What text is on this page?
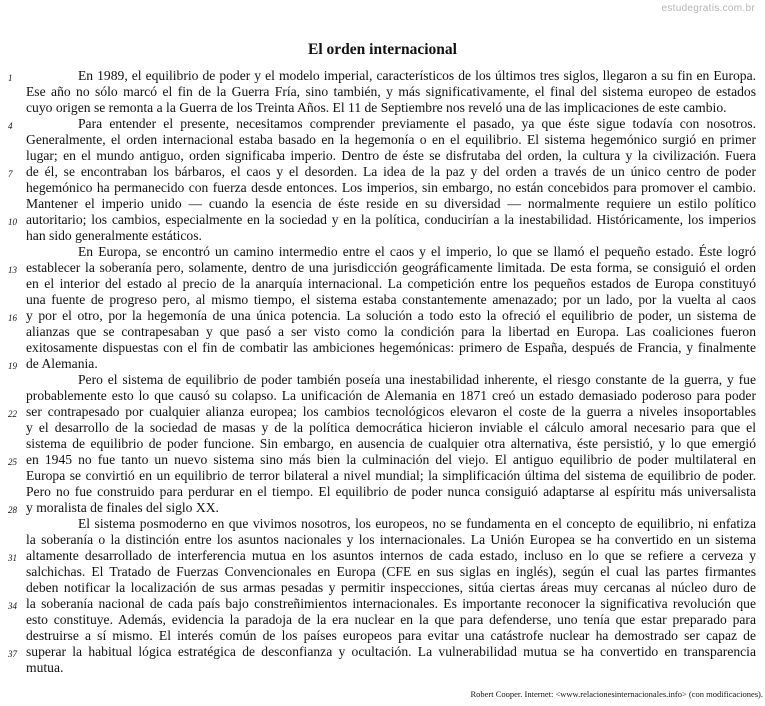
estudegratis.com.br
El orden internacional
1
4
7
10
13
16
19
22
25
28
31
34
37
En 1989, el equilibrio de poder y el modelo imperial, característicos de los últimos tres siglos, llegaron a su fin en Europa.
Ese año no sólo marcó el fin de la Guerra Fría, sino también, y más significativamente, el final del sistema europeo de estados
cuyo origen se remonta a la Guerra de los Treinta Años. El 11 de Septiembre nos reveló una de las implicaciones de este cambio.
Para entender el presente, necesitamos comprender previamente el pasado, ya que éste sigue todavía con nosotros.
Generalmente, el orden internacional estaba basado en la hegemonía o en el equilibrio. El sistema hegemónico surgió en primer
lugar; en el mundo antiguo, orden significaba imperio. Dentro de éste se disfrutaba del orden, la cultura y la civilización. Fuera
de él, se encontraban los bárbaros, el caos y el desorden. La idea de la paz y del orden a través de un único centro de poder
hegemónico ha permanecido con fuerza desde entonces. Los imperios, sin embargo, no están concebidos para promover el cambio.
Mantener el imperio unido — cuando la esencia de éste reside en su diversidad — normalmente requiere un estilo político
autoritario; los cambios, especialmente en la sociedad y en la política, conducirían a la inestabilidad. Históricamente, los imperios
han sido generalmente estáticos.
En Europa, se encontró un camino intermedio entre el caos y el imperio, lo que se llamó el pequeño estado. Éste logró
establecer la soberanía pero, solamente, dentro de una jurisdicción geográficamente limitada. De esta forma, se consiguió el orden
en el interior del estado al precio de la anarquía internacional. La competición entre los pequeños estados de Europa constituyó
una fuente de progreso pero, al mismo tiempo, el sistema estaba constantemente amenazado; por un lado, por la vuelta al caos
y por el otro, por la hegemonía de una única potencia. La solución a todo esto la ofreció el equilibrio de poder, un sistema de
alianzas que se contrapesaban y que pasó a ser visto como la condición para la libertad en Europa. Las coaliciones fueron
exitosamente dispuestas con el fin de combatir las ambiciones hegemónicas: primero de España, después de Francia, y finalmente
de Alemania.
Pero el sistema de equilibrio de poder también poseía una inestabilidad inherente, el riesgo constante de la guerra, y fue
probablemente esto lo que causó su colapso. La unificación de Alemania en 1871 creó un estado demasiado poderoso para poder
ser contrapesado por cualquier alianza europea; los cambios tecnológicos elevaron el coste de la guerra a niveles insoportables
y el desarrollo de la sociedad de masas y de la política democrática hicieron inviable el cálculo amoral necesario para que el
sistema de equilibrio de poder funcione. Sin embargo, en ausencia de cualquier otra alternativa, éste persistió, y lo que emergió
en 1945 no fue tanto un nuevo sistema sino más bien la culminación del viejo. El antiguo equilibrio de poder multilateral en
Europa se convirtió en un equilibrio de terror bilateral a nivel mundial; la simplificación última del sistema de equilibrio de poder.
Pero no fue construido para perdurar en el tiempo. El equilibrio de poder nunca consiguió adaptarse al espíritu más universalista
y moralista de finales del siglo XX.
El sistema posmoderno en que vivimos nosotros, los europeos, no se fundamenta en el concepto de equilibrio, ni enfatiza
la soberanía o la distinción entre los asuntos nacionales y los internacionales. La Unión Europea se ha convertido en un sistema
altamente desarrollado de interferencia mutua en los asuntos internos de cada estado, incluso en lo que se refiere a cerveza y
salchichas. El Tratado de Fuerzas Convencionales en Europa (CFE en sus siglas en inglés), según el cual las partes firmantes
deben notificar la localización de sus armas pesadas y permitir inspecciones, sitúa ciertas áreas muy cercanas al núcleo duro de
la soberanía nacional de cada país bajo constreñimientos internacionales. Es importante reconocer la significativa revolución que
esto constituye. Además, evidencia la paradoja de la era nuclear en la que para defenderse, uno tenía que estar preparado para
destruirse a sí mismo. El interés común de los países europeos para evitar una catástrofe nuclear ha demostrado ser capaz de
superar la habitual lógica estratégica de desconfianza y ocultación. La vulnerabilidad mutua se ha convertido en transparencia
mutua.
Robert Cooper. Internet: <www.relacionesinternacionales.info> (con modificaciones).
